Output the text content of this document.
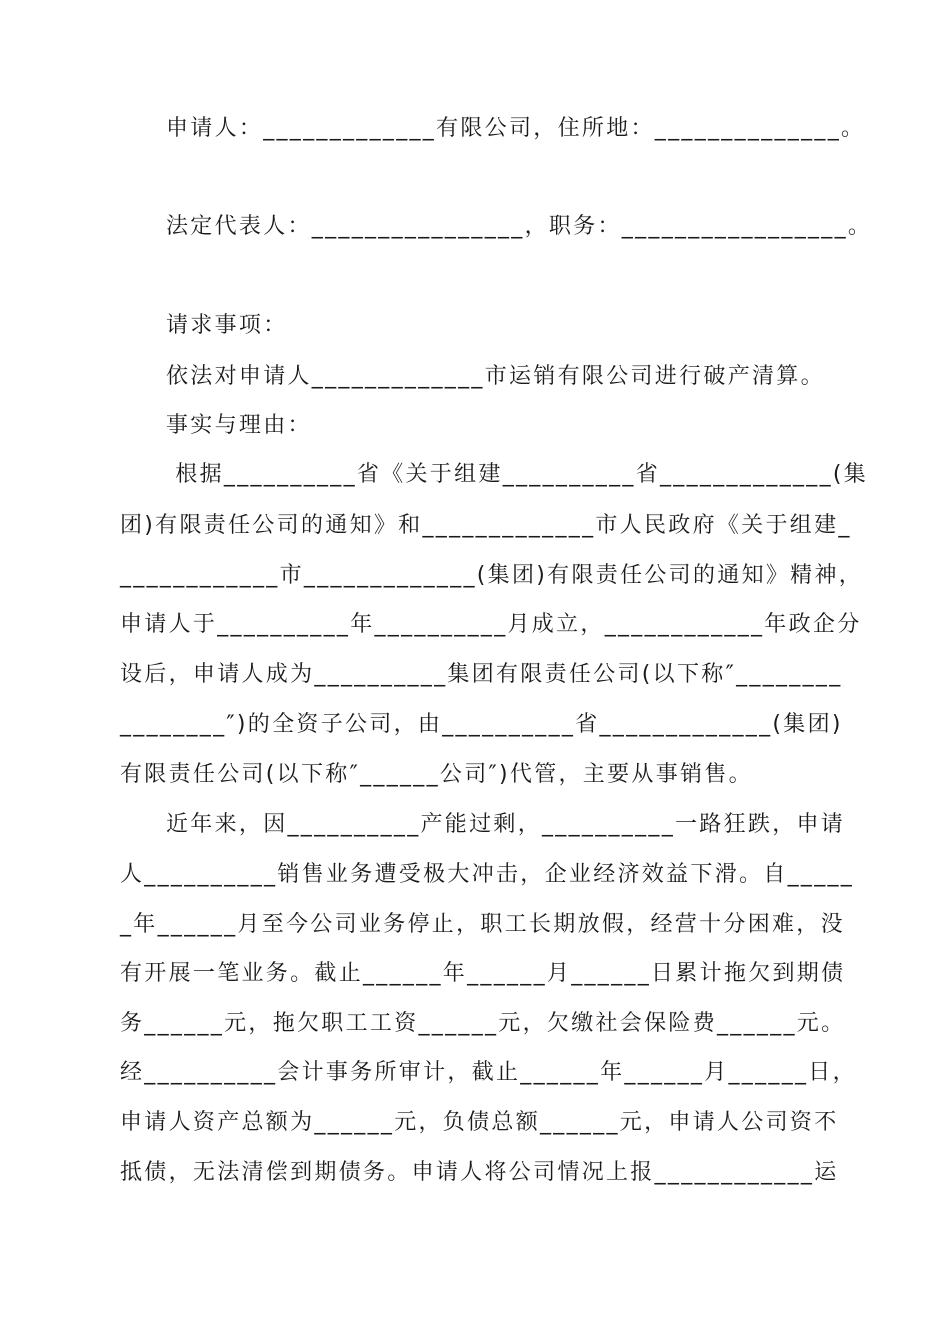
申请人：_____________有限公司，住所地：______________。
法定代表人：________________，职务：_________________。
请求事项：
依法对申请人_____________市运销有限公司进行破产清算。
事实与理由：
根据__________省《关于组建__________省_____________(集
团)有限责任公司的通知》和_____________市人民政府《关于组建_
____________市_____________(集团)有限责任公司的通知》精神，
申请人于__________年__________月成立，____________年政企分
设后，申请人成为__________集团有限责任公司(以下称″________
________″)的全资子公司，由__________省_____________(集团)
有限责任公司(以下称″______公司″)代管，主要从事销售。
近年来，因__________产能过剩，__________一路狂跌，申请
人__________销售业务遭受极大冲击，企业经济效益下滑。自_____
_年______月至今公司业务停止，职工长期放假，经营十分困难，没
有开展一笔业务。截止______年______月______日累计拖欠到期债
务______元，拖欠职工工资______元，欠缴社会保险费______元。
经__________会计事务所审计，截止______年______月______日，
申请人资产总额为______元，负债总额______元，申请人公司资不
抵债，无法清偿到期债务。申请人将公司情况上报____________运
